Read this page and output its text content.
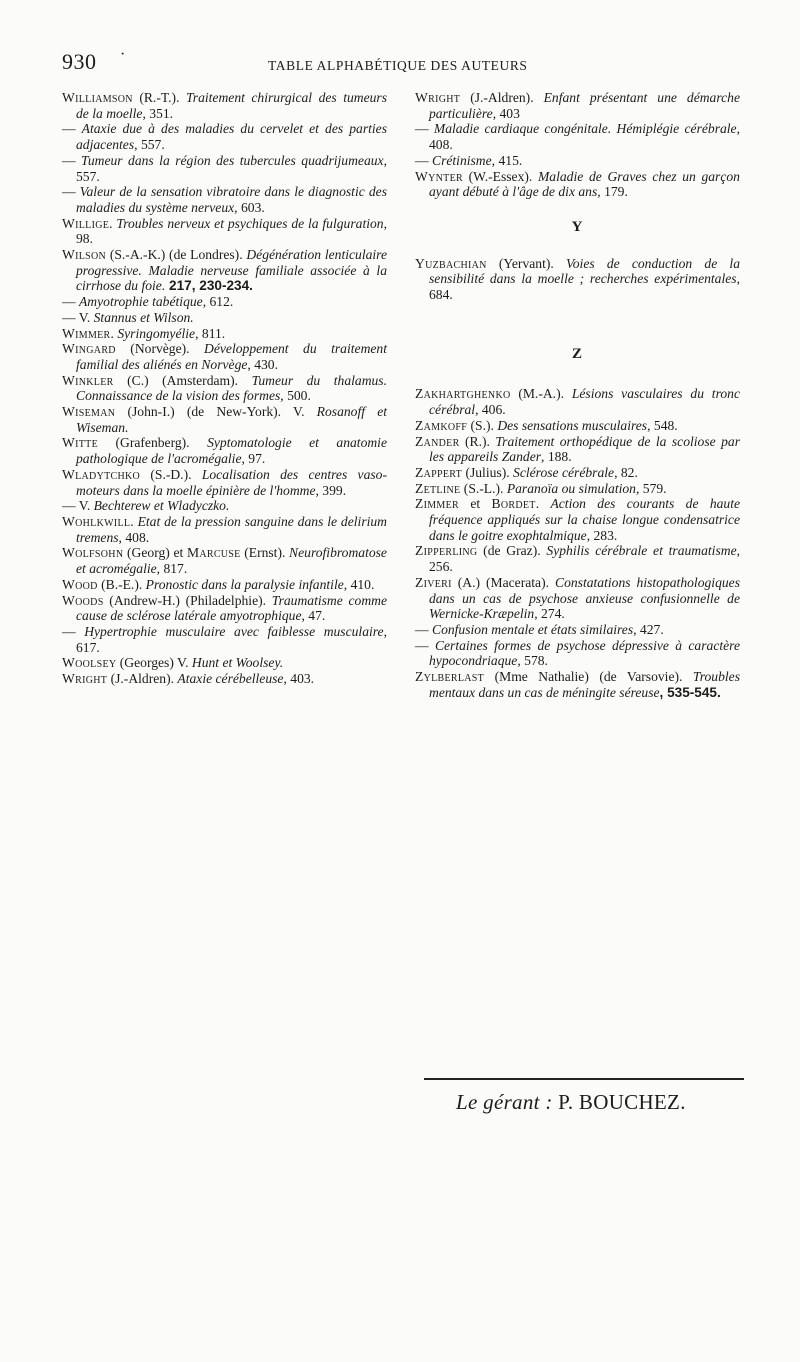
930 ·
TABLE ALPHABÉTIQUE DES AUTEURS

Williamson (R.-T.). Traitement chirurgical des tumeurs de la moelle, 351.

— Ataxie due à des maladies du cervelet et des parties adjacentes, 557.

— Tumeur dans la région des tubercules quadrijumeaux, 557.

— Valeur de la sensation vibratoire dans le diagnostic des maladies du système nerveux, 603.

Willige. Troubles nerveux et psychiques de la fulguration, 98.

Wilson (S.-A.-K.) (de Londres). Dégénération lenticulaire progressive. Maladie nerveuse familiale associée à la cirrhose du foie. 217, 230-234.

— Amyotrophie tabétique, 612.

— V. Stannus et Wilson.

Wimmer. Syringomyélie, 811.

Wingard (Norvège). Développement du traitement familial des aliénés en Norvège, 430.

Winkler (C.) (Amsterdam). Tumeur du thalamus. Connaissance de la vision des formes, 500.

Wiseman (John-I.) (de New-York). V. Rosanoff et Wiseman.

Witte (Grafenberg). Syptomatologie et anatomie pathologique de l'acromégalie, 97.

Wladytchko (S.-D.). Localisation des centres vaso-moteurs dans la moelle épinière de l'homme, 399.

— V. Bechterew et Wladyczko.

Wohlkwill. Etat de la pression sanguine dans le delirium tremens, 408.

Wolfsohn (Georg) et Marcuse (Ernst). Neurofibromatose et acromégalie, 817.

Wood (B.-E.). Pronostic dans la paralysie infantile, 410.

Woods (Andrew-H.) (Philadelphie). Traumatisme comme cause de sclérose latérale amyotrophique, 47.

— Hypertrophie musculaire avec faiblesse musculaire, 617.

Woolsey (Georges) V. Hunt et Woolsey.

Wright (J.-Aldren). Ataxie cérébelleuse, 403.

Wright (J.-Aldren). Enfant présentant une démarche particulière, 403

— Maladie cardiaque congénitale. Hémiplégie cérébrale, 408.

— Crétinisme, 415.

Wynter (W.-Essex). Maladie de Graves chez un garçon ayant débuté à l'âge de dix ans, 179.

Y

Yuzbachian (Yervant). Voies de conduction de la sensibilité dans la moelle ; recherches expérimentales, 684.

Z

Zakhartghenko (M.-A.). Lésions vasculaires du tronc cérébral, 406.

Zamkoff (S.). Des sensations musculaires, 548.

Zander (R.). Traitement orthopédique de la scoliose par les appareils Zander, 188.

Zappert (Julius). Sclérose cérébrale, 82.

Zetline (S.-L.). Paranoïa ou simulation, 579.

Zimmer et Bordet. Action des courants de haute fréquence appliqués sur la chaise longue condensatrice dans le goitre exophtalmique, 283.

Zipperling (de Graz). Syphilis cérébrale et traumatisme, 256.

Ziveri (A.) (Macerata). Constatations histopathologiques dans un cas de psychose anxieuse confusionnelle de Wernicke-Kræpelin, 274.

— Confusion mentale et états similaires, 427.

— Certaines formes de psychose dépressive à caractère hypocondriaque, 578.

Zylberlast (Mme Nathalie) (de Varsovie). Troubles mentaux dans un cas de méningite séreuse, 535-545.

Le gérant : P. BOUCHEZ.
